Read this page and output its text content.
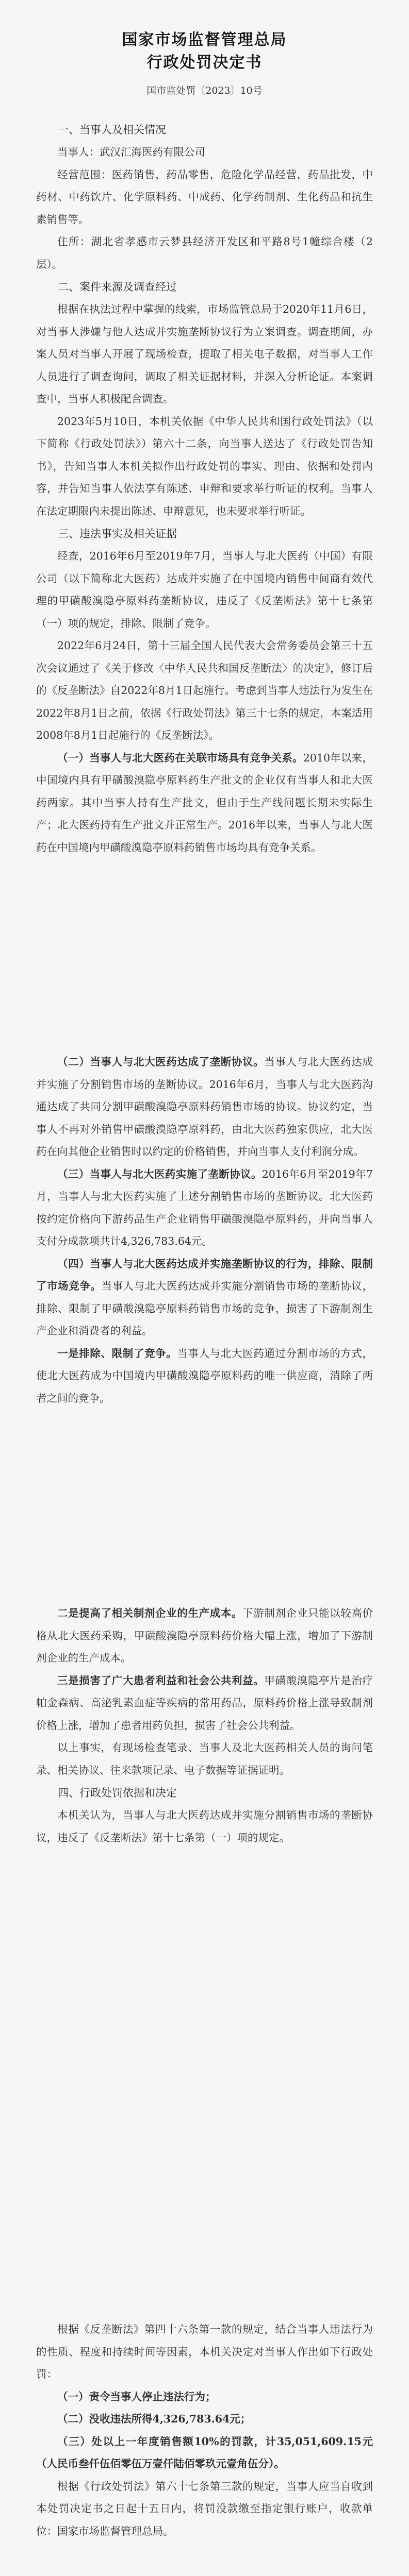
国家市场监督管理总局
行政处罚决定书
国市监处罚〔2023〕10号

一、当事人及相关情况

当事人：武汉汇海医药有限公司

经营范围：医药销售，药品零售，危险化学品经营，药品批发，中药材、中药饮片、化学原料药、中成药、化学药制剂、生化药品和抗生素销售等。

住所：湖北省孝感市云梦县经济开发区和平路8号1幢综合楼（2层）。

二、案件来源及调查经过

根据在执法过程中掌握的线索，市场监管总局于2020年11月6日，对当事人涉嫌与他人达成并实施垄断协议行为立案调查。调查期间，办案人员对当事人开展了现场检查，提取了相关电子数据，对当事人工作人员进行了调查询问，调取了相关证据材料，并深入分析论证。本案调查中，当事人积极配合调查。

2023年5月10日，本机关依据《中华人民共和国行政处罚法》（以下简称《行政处罚法》）第六十二条，向当事人送达了《行政处罚告知书》，告知当事人本机关拟作出行政处罚的事实、理由、依据和处罚内容，并告知当事人依法享有陈述、申辩和要求举行听证的权利。当事人在法定期限内未提出陈述、申辩意见，也未要求举行听证。

三、违法事实及相关证据

经查，2016年6月至2019年7月，当事人与北大医药（中国）有限公司（以下简称北大医药）达成并实施了在中国境内销售中间商有效代理的甲磺酸溴隐亭原料药垄断协议，违反了《反垄断法》第十七条第（一）项的规定，排除、限制了竞争。

2022年6月24日，第十三届全国人民代表大会常务委员会第三十五次会议通过了《关于修改〈中华人民共和国反垄断法〉的决定》，修订后的《反垄断法》自2022年8月1日起施行。考虑到当事人违法行为发生在2022年8月1日之前，依据《行政处罚法》第三十七条的规定，本案适用2008年8月1日起施行的《反垄断法》。

（一）当事人与北大医药在关联市场具有竞争关系。2010年以来，中国境内具有甲磺酸溴隐亭原料药生产批文的企业仅有当事人和北大医药两家。其中当事人持有生产批文，但由于生产线问题长期未实际生产；北大医药持有生产批文并正常生产。2016年以来，当事人与北大医药在中国境内甲磺酸溴隐亭原料药销售市场均具有竞争关系。

（二）当事人与北大医药达成了垄断协议。当事人与北大医药达成并实施了分割销售市场的垄断协议。2016年6月，当事人与北大医药沟通达成了共同分割甲磺酸溴隐亭原料药销售市场的协议。协议约定，当事人不再对外销售甲磺酸溴隐亭原料药，由北大医药独家供应，北大医药在向其他企业销售时以约定的价格销售，并向当事人支付利润分成。

（三）当事人与北大医药实施了垄断协议。2016年6月至2019年7月，当事人与北大医药实施了上述分割销售市场的垄断协议。北大医药按约定价格向下游药品生产企业销售甲磺酸溴隐亭原料药，并向当事人支付分成款项共计4,326,783.64元。

（四）当事人与北大医药达成并实施垄断协议的行为，排除、限制了市场竞争。当事人与北大医药达成并实施分割销售市场的垄断协议，排除、限制了甲磺酸溴隐亭原料药销售市场的竞争，损害了下游制剂生产企业和消费者的利益。

一是排除、限制了竞争。当事人与北大医药通过分割市场的方式，使北大医药成为中国境内甲磺酸溴隐亭原料药的唯一供应商，消除了两者之间的竞争。

二是提高了相关制剂企业的生产成本。下游制剂企业只能以较高价格从北大医药采购，甲磺酸溴隐亭原料药价格大幅上涨，增加了下游制剂企业的生产成本。

三是损害了广大患者利益和社会公共利益。甲磺酸溴隐亭片是治疗帕金森病、高泌乳素血症等疾病的常用药品，原料药价格上涨导致制剂价格上涨，增加了患者用药负担，损害了社会公共利益。

以上事实，有现场检查笔录、当事人及北大医药相关人员的询问笔录、相关协议、往来款项记录、电子数据等证据证明。

四、行政处罚依据和决定

本机关认为，当事人与北大医药达成并实施分割销售市场的垄断协议，违反了《反垄断法》第十七条第（一）项的规定。

根据《反垄断法》第四十六条第一款的规定，结合当事人违法行为的性质、程度和持续时间等因素，本机关决定对当事人作出如下行政处罚：

（一）责令当事人停止违法行为；

（二）没收违法所得4,326,783.64元；

（三）处以上一年度销售额10%的罚款，计35,051,609.15元（人民币叁仟伍佰零伍万壹仟陆佰零玖元壹角伍分）。

根据《行政处罚法》第六十七条第三款的规定，当事人应当自收到本处罚决定书之日起十五日内，将罚没款缴至指定银行账户，收款单位：国家市场监督管理总局。
